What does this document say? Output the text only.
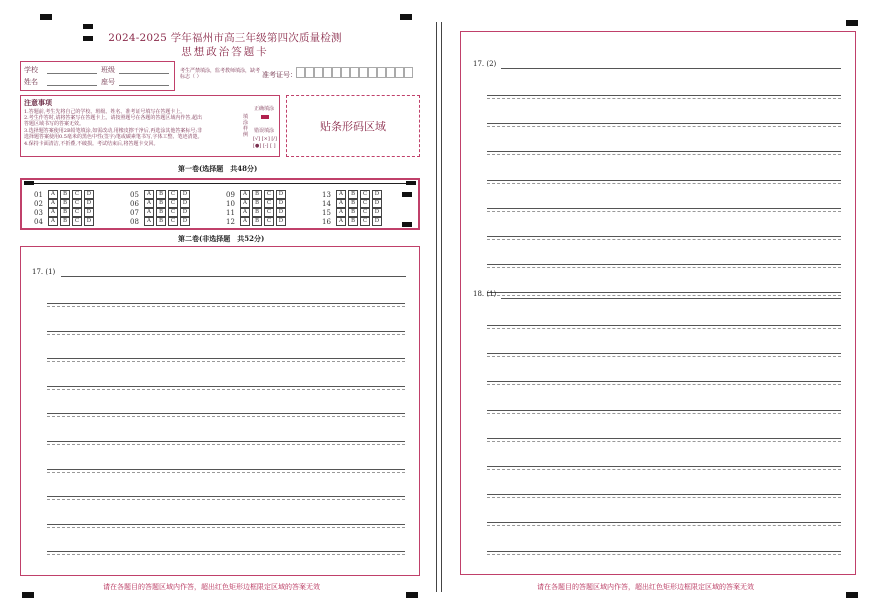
2024-2025 学年福州市高三年级第四次质量检测
思想政治答题卡
学校	班级
姓名	座号
考生严禁填涂，监考教师填涂，缺考标志（ ）	准考证号：
注意事项
1.答题前,考生先将自己的学校、班级、姓名、准考证号填写在答题卡上。
2.考生作答时,请将答案写在答题卡上。请按照题号在各题的答题区域内作答,超出
答题区域书写的答案无效。
3.选择题答案使用2B铅笔填涂,如需改动,用橡皮擦干净后,再选涂其他答案标号;非
选择题答案使用0.5毫米的黑色中性(签字)笔或碳素笔书写,字体工整、笔迹清楚。
4.保持卡面清洁,不折叠,不破损。考试结束后,将答题卡交回。
填涂样例
正确填涂
错误填涂
[√] [×] [/]
[●] [-] [ ]
贴条形码区域
第一卷(选择题　共48分)
01	A	B	C	D
02	A	B	C	D
03	A	B	C	D
04	A	B	C	D
05	A	B	C	D
06	A	B	C	D
07	A	B	C	D
08	A	B	C	D
09	A	B	C	D
10	A	B	C	D
11	A	B	C	D
12	A	B	C	D
13	A	B	C	D
14	A	B	C	D
15	A	B	C	D
16	A	B	C	D
第二卷(非选择题　共52分)
17. (1)
17. (2)
18. (1)
请在各题目的答题区域内作答，超出红色矩形边框限定区域的答案无效	请在各题目的答题区域内作答，超出红色矩形边框限定区域的答案无效
